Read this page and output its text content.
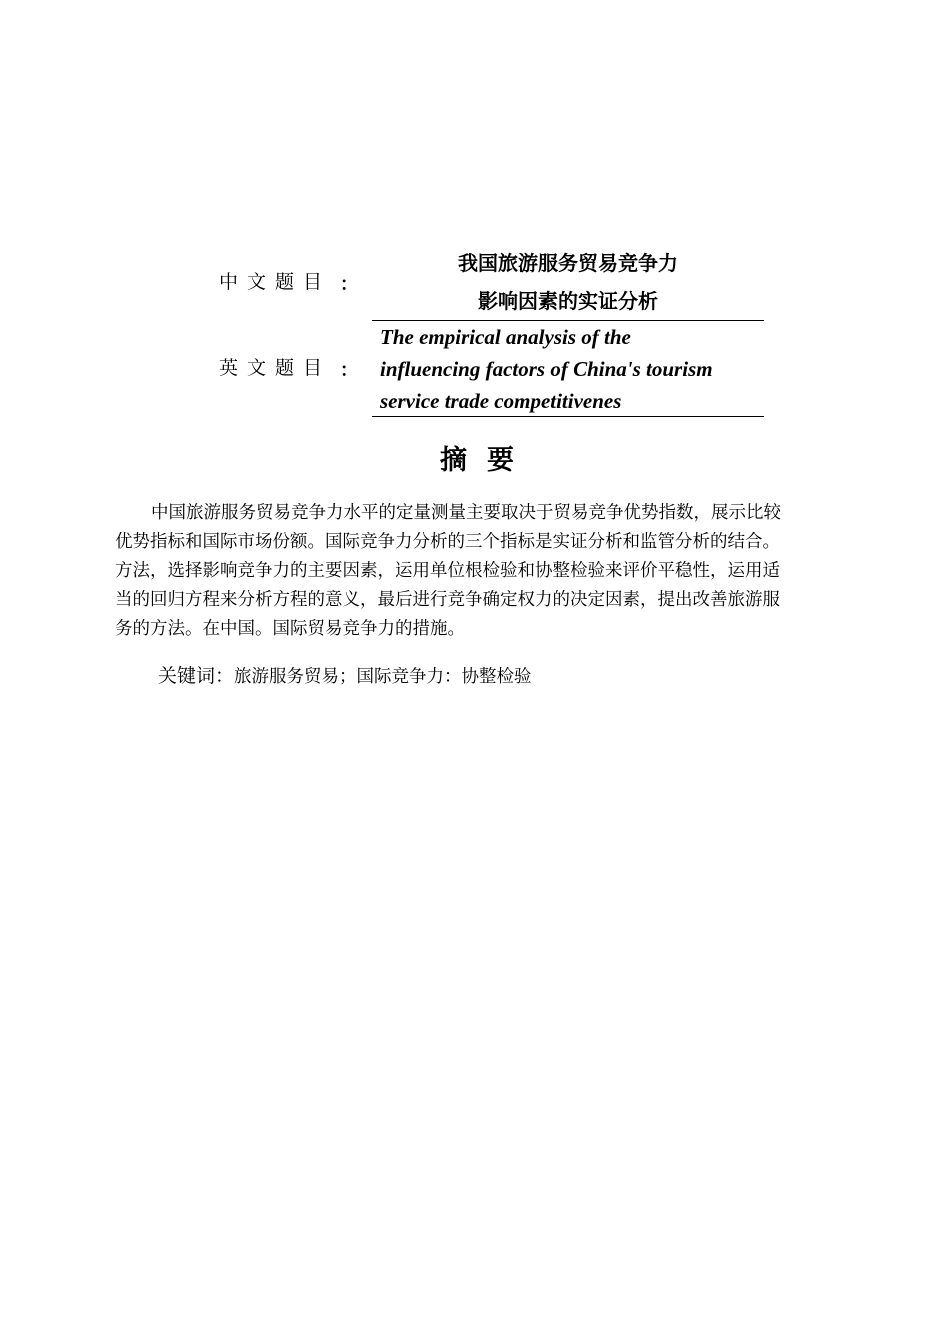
中文题目 ：
我国旅游服务贸易竞争力
影响因素的实证分析
英文题目 ：
The empirical analysis of the
influencing factors of China's tourism
service trade competitivenes
摘要
中国旅游服务贸易竞争力水平的定量测量主要取决于贸易竞争优势指数，展示比较
优势指标和国际市场份额。国际竞争力分析的三个指标是实证分析和监管分析的结合。
方法，选择影响竞争力的主要因素，运用单位根检验和协整检验来评价平稳性，运用适
当的回归方程来分析方程的意义，最后进行竞争确定权力的决定因素，提出改善旅游服
务的方法。在中国。国际贸易竞争力的措施。
关键词：旅游服务贸易；国际竞争力：协整检验
